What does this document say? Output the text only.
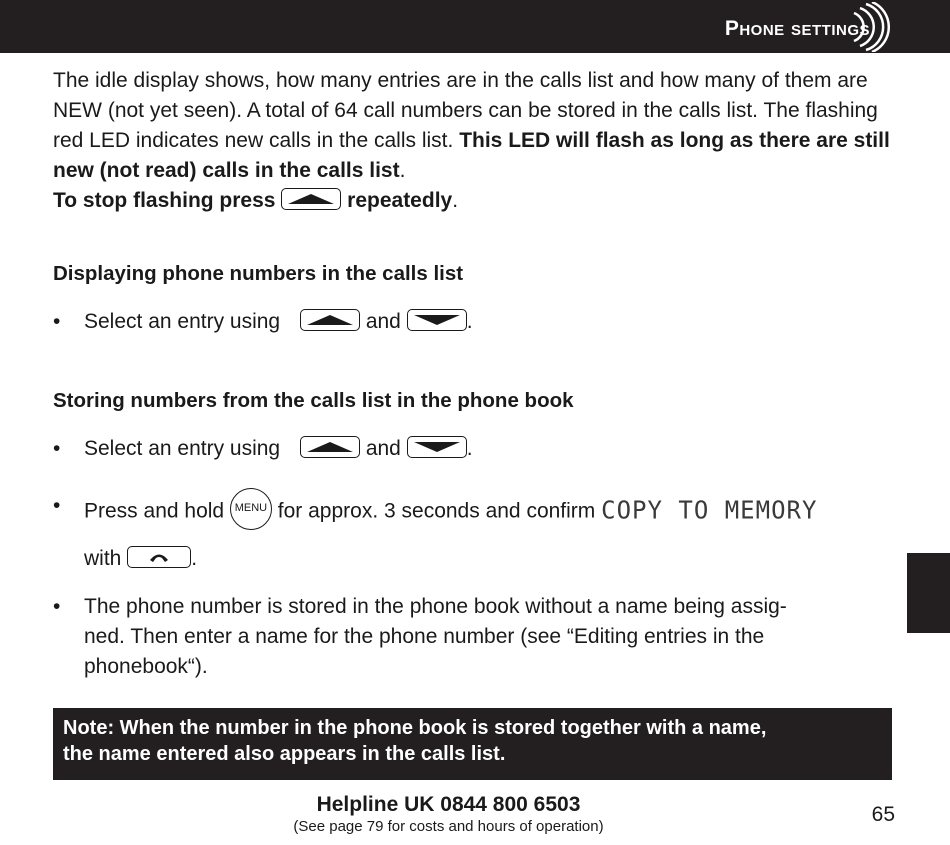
Phone settings

The idle display shows, how many entries are in the calls list and how many of them are NEW (not yet seen). A total of 64 call numbers can be stored in the calls list. The flashing red LED indicates new calls in the calls list. This LED will flash as long as there are still new (not read) calls in the calls list.
To stop flashing press	repeatedly.

Displaying phone numbers in the calls list
• Select an entry using	and	.
Storing numbers from the calls list in the phone book
• Select an entry using	and	.
• Press and hold MENU for approx. 3 seconds and confirm COPY TO MEMORY
with	.
• The phone number is stored in the phone book without a name being assig-
ned. Then enter a name for the phone number (see “Editing entries in the
phonebook“).
Note: When the number in the phone book is stored together with a name,
the name entered also appears in the calls list.
Helpline UK 0844 800 6503
(See page 79 for costs and hours of operation)
65
